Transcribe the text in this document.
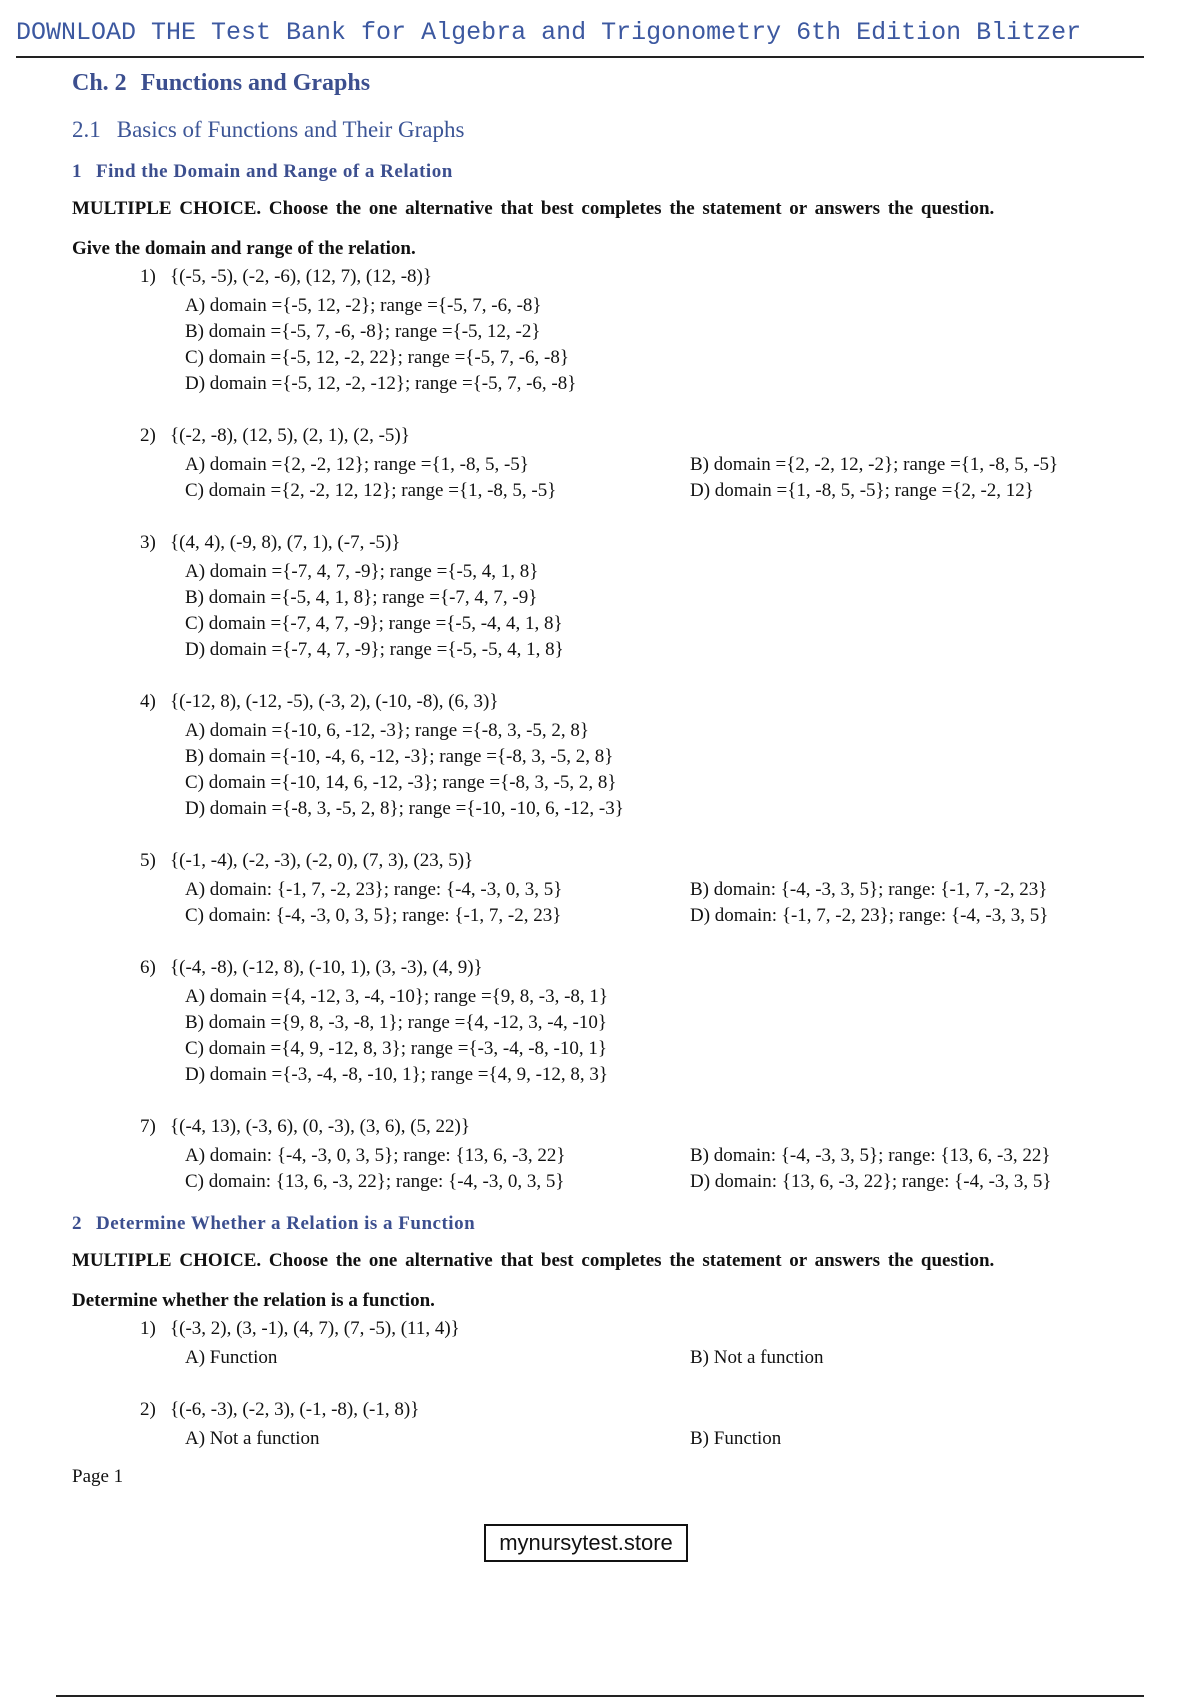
DOWNLOAD THE Test Bank for Algebra and Trigonometry 6th Edition Blitzer
Ch. 2 Functions and Graphs
2.1 Basics of Functions and Their Graphs
1 Find the Domain and Range of a Relation
MULTIPLE CHOICE. Choose the one alternative that best completes the statement or answers the question.
Give the domain and range of the relation.
1) {(-5, -5), (-2, -6), (12, 7), (12, -8)}
A) domain ={-5, 12, -2}; range ={-5, 7, -6, -8}
B) domain ={-5, 7, -6, -8}; range ={-5, 12, -2}
C) domain ={-5, 12, -2, 22}; range ={-5, 7, -6, -8}
D) domain ={-5, 12, -2, -12}; range ={-5, 7, -6, -8}
2) {(-2, -8), (12, 5), (2, 1), (2, -5)}
A) domain ={2, -2, 12}; range ={1, -8, 5, -5}	B) domain ={2, -2, 12, -2}; range ={1, -8, 5, -5}
C) domain ={2, -2, 12, 12}; range ={1, -8, 5, -5}	D) domain ={1, -8, 5, -5}; range ={2, -2, 12}
3) {(4, 4), (-9, 8), (7, 1), (-7, -5)}
A) domain ={-7, 4, 7, -9}; range ={-5, 4, 1, 8}
B) domain ={-5, 4, 1, 8}; range ={-7, 4, 7, -9}
C) domain ={-7, 4, 7, -9}; range ={-5, -4, 4, 1, 8}
D) domain ={-7, 4, 7, -9}; range ={-5, -5, 4, 1, 8}
4) {(-12, 8), (-12, -5), (-3, 2), (-10, -8), (6, 3)}
A) domain ={-10, 6, -12, -3}; range ={-8, 3, -5, 2, 8}
B) domain ={-10, -4, 6, -12, -3}; range ={-8, 3, -5, 2, 8}
C) domain ={-10, 14, 6, -12, -3}; range ={-8, 3, -5, 2, 8}
D) domain ={-8, 3, -5, 2, 8}; range ={-10, -10, 6, -12, -3}
5) {(-1, -4), (-2, -3), (-2, 0), (7, 3), (23, 5)}
A) domain: {-1, 7, -2, 23}; range: {-4, -3, 0, 3, 5}	B) domain: {-4, -3, 3, 5}; range: {-1, 7, -2, 23}
C) domain: {-4, -3, 0, 3, 5}; range: {-1, 7, -2, 23}	D) domain: {-1, 7, -2, 23}; range: {-4, -3, 3, 5}
6) {(-4, -8), (-12, 8), (-10, 1), (3, -3), (4, 9)}
A) domain ={4, -12, 3, -4, -10}; range ={9, 8, -3, -8, 1}
B) domain ={9, 8, -3, -8, 1}; range ={4, -12, 3, -4, -10}
C) domain ={4, 9, -12, 8, 3}; range ={-3, -4, -8, -10, 1}
D) domain ={-3, -4, -8, -10, 1}; range ={4, 9, -12, 8, 3}
7) {(-4, 13), (-3, 6), (0, -3), (3, 6), (5, 22)}
A) domain: {-4, -3, 0, 3, 5}; range: {13, 6, -3, 22}	B) domain: {-4, -3, 3, 5}; range: {13, 6, -3, 22}
C) domain: {13, 6, -3, 22}; range: {-4, -3, 0, 3, 5}	D) domain: {13, 6, -3, 22}; range: {-4, -3, 3, 5}
2 Determine Whether a Relation is a Function
MULTIPLE CHOICE. Choose the one alternative that best completes the statement or answers the question.
Determine whether the relation is a function.
1) {(-3, 2), (3, -1), (4, 7), (7, -5), (11, 4)}
A) Function	B) Not a function
2) {(-6, -3), (-2, 3), (-1, -8), (-1, 8)}
A) Not a function	B) Function
Page 1
mynursytest.store
